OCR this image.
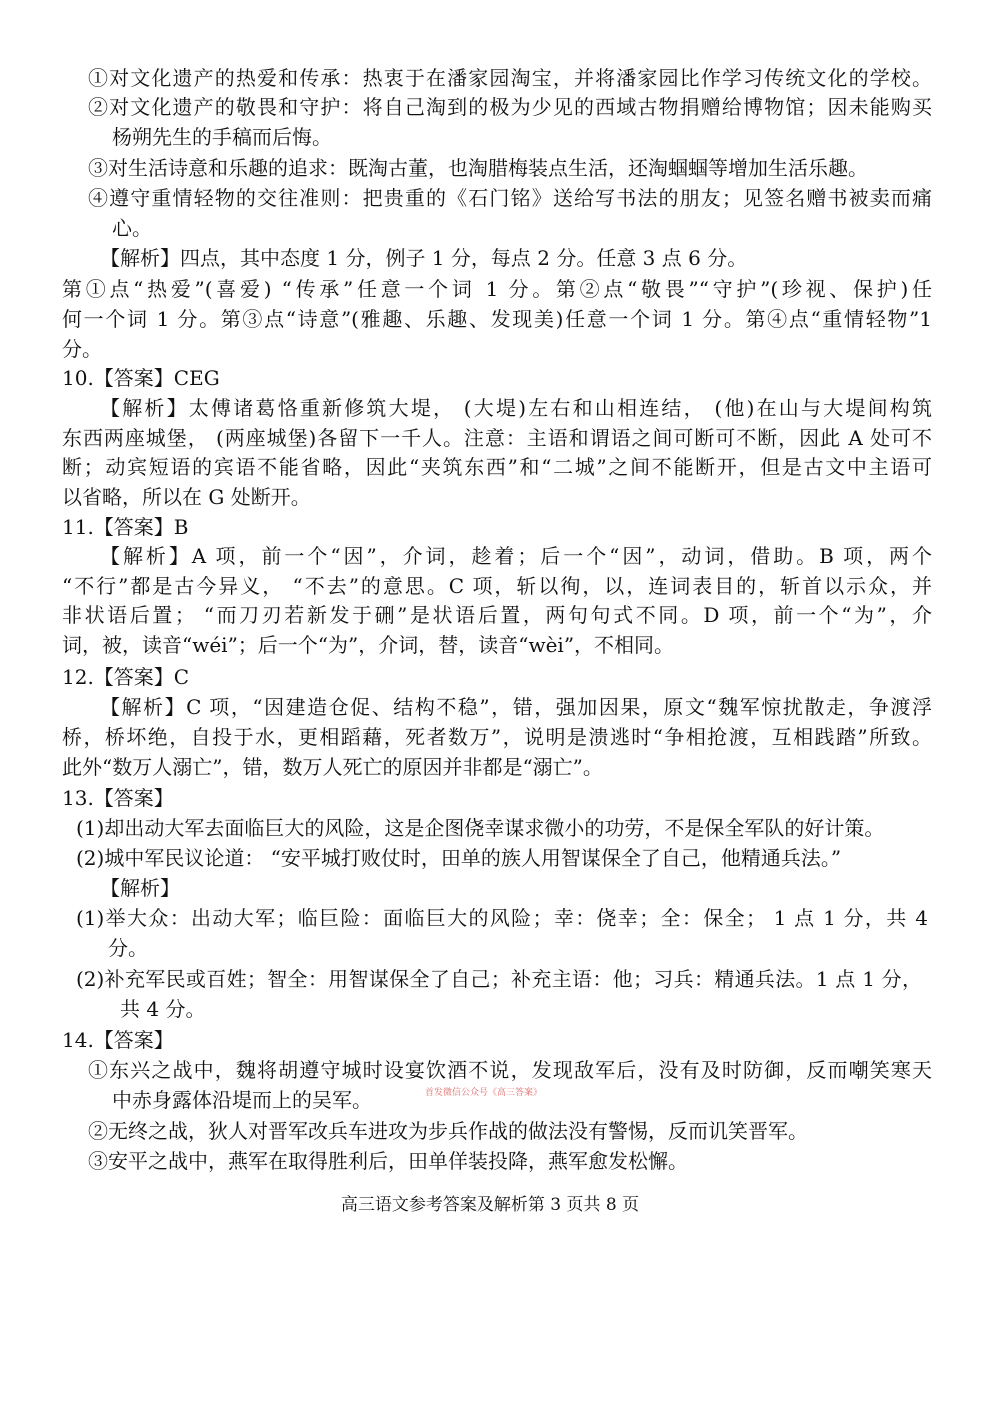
①对文化遗产的热爱和传承：热衷于在潘家园淘宝，并将潘家园比作学习传统文化的学校。
②对文化遗产的敬畏和守护：将自己淘到的极为少见的西域古物捐赠给博物馆；因未能购买
杨朔先生的手稿而后悔。
③对生活诗意和乐趣的追求：既淘古董，也淘腊梅装点生活，还淘蝈蝈等增加生活乐趣。
④遵守重情轻物的交往准则：把贵重的《石门铭》送给写书法的朋友；见签名赠书被卖而痛
心。
【解析】四点，其中态度 1 分，例子 1 分，每点 2 分。任意 3 点 6 分。
第①点“热爱”(喜爱) “传承”任意一个词 1 分。第②点“敬畏”“守护”(珍视、保护)任
何一个词 1 分。第③点“诗意”(雅趣、乐趣、发现美)任意一个词 1 分。第④点“重情轻物”1
分。
10.【答案】CEG
【解析】太傅诸葛恪重新修筑大堤， (大堤)左右和山相连结， (他)在山与大堤间构筑
东西两座城堡， (两座城堡)各留下一千人。注意：主语和谓语之间可断可不断，因此 A 处可不
断；动宾短语的宾语不能省略，因此“夹筑东西”和“二城”之间不能断开，但是古文中主语可
以省略，所以在 G 处断开。
11.【答案】B
【解析】A 项，前一个“因”，介词，趁着；后一个“因”，动词，借助。B 项，两个
“不行”都是古今异义， “不去”的意思。C 项，斩以徇，以，连词表目的，斩首以示众，并
非状语后置； “而刀刃若新发于硎”是状语后置，两句句式不同。D 项，前一个“为”，介
词，被，读音“wéi”；后一个“为”，介词，替，读音“wèi”，不相同。
12.【答案】C
【解析】C 项，“因建造仓促、结构不稳”，错，强加因果，原文“魏军惊扰散走，争渡浮
桥，桥坏绝，自投于水，更相蹈藉，死者数万”，说明是溃逃时“争相抢渡，互相践踏”所致。
此外“数万人溺亡”，错，数万人死亡的原因并非都是“溺亡”。
13.【答案】
(1)却出动大军去面临巨大的风险，这是企图侥幸谋求微小的功劳，不是保全军队的好计策。
(2)城中军民议论道： “安平城打败仗时，田单的族人用智谋保全了自己，他精通兵法。”
【解析】
(1)举大众：出动大军；临巨险：面临巨大的风险；幸：侥幸；全：保全； 1 点 1 分，共 4
分。
(2)补充军民或百姓；智全：用智谋保全了自己；补充主语：他；习兵：精通兵法。1 点 1 分，
共 4 分。
14.【答案】
①东兴之战中，魏将胡遵守城时设宴饮酒不说，发现敌军后，没有及时防御，反而嘲笑寒天
中赤身露体沿堤而上的吴军。	首发微信公众号《高三答案》
②无终之战，狄人对晋军改兵车进攻为步兵作战的做法没有警惕，反而讥笑晋军。
③安平之战中，燕军在取得胜利后，田单佯装投降，燕军愈发松懈。
高三语文参考答案及解析第 3 页共 8 页
